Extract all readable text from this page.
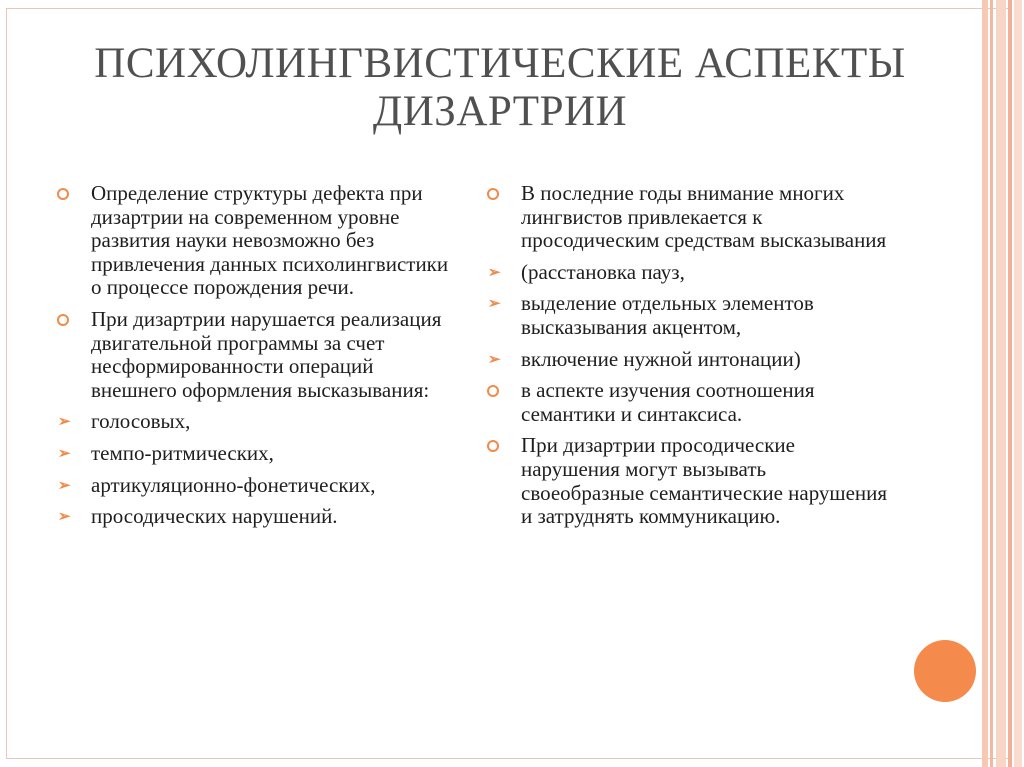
ПСИХОЛИНГВИСТИЧЕСКИЕ АСПЕКТЫ
ДИЗАРТРИИ
Определение структуры дефекта при дизартрии на современном уровне развития науки невозможно без привлечения данных психолингвистики о процессе порождения речи.
При дизартрии нарушается реализация двигательной программы за счет несформированности операций внешнего оформления высказывания:
➢ голосовых,
➢ темпо-ритмических,
➢ артикуляционно-фонетических,
➢ просодических нарушений.
В последние годы внимание многих лингвистов привлекается к просодическим средствам высказывания
➢ (расстановка пауз,
➢ выделение отдельных элементов высказывания акцентом,
➢ включение нужной интонации)
в аспекте изучения соотношения семантики и синтаксиса.
При дизартрии просодические нарушения могут вызывать своеобразные семантические нарушения и затруднять коммуникацию.
